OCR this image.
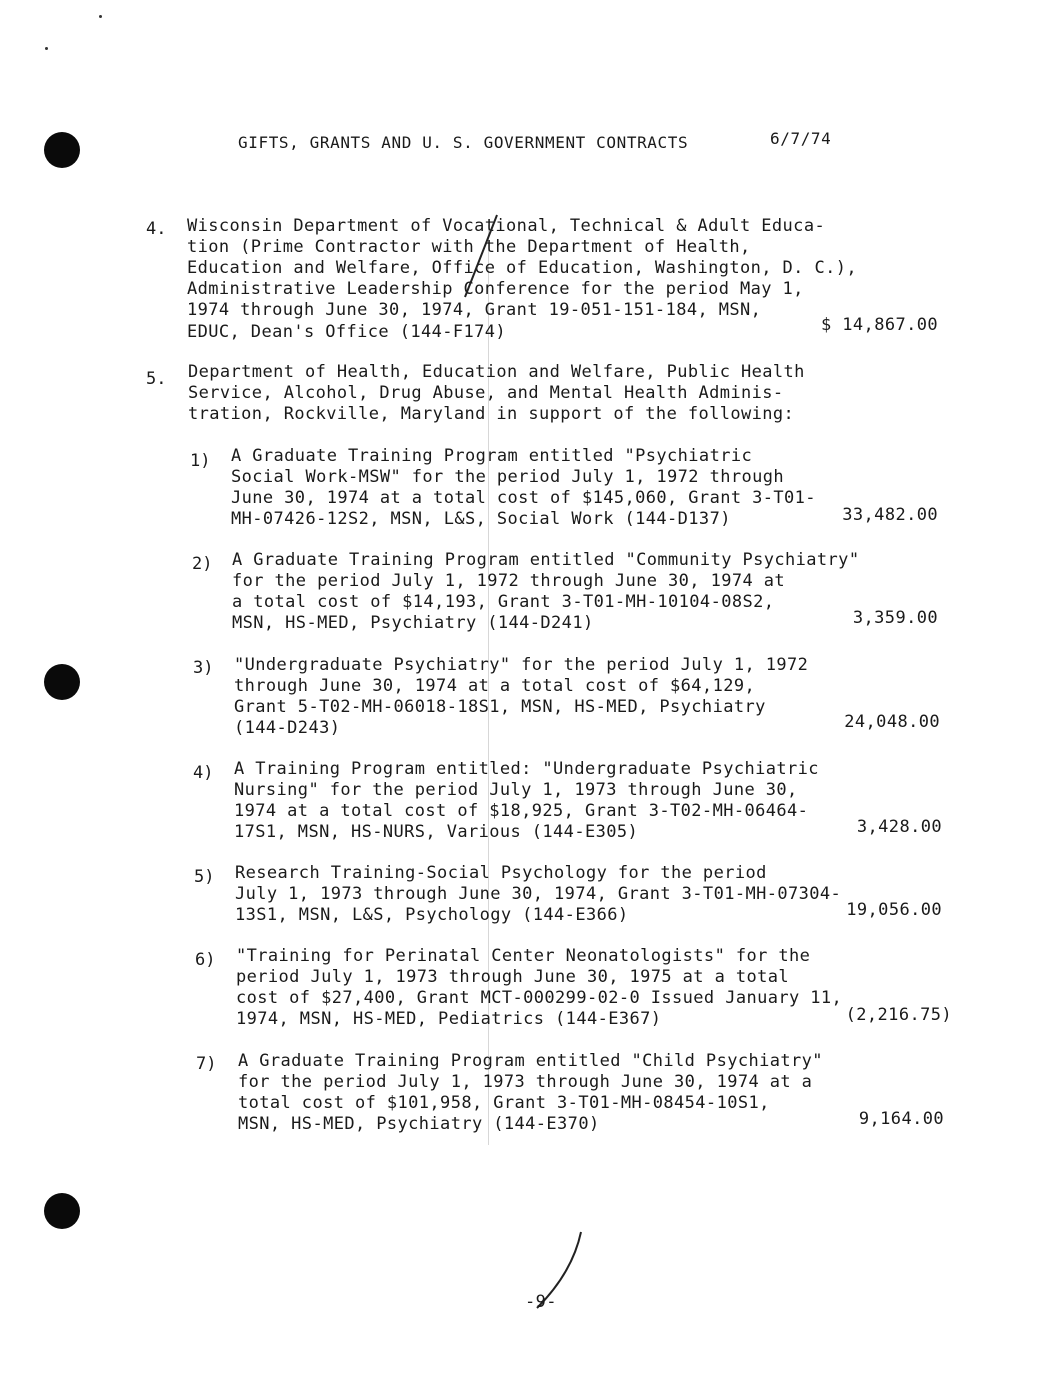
GIFTS, GRANTS AND U. S. GOVERNMENT CONTRACTS	6/7/74
4. Wisconsin Department of Vocational, Technical & Adult Educa-
tion (Prime Contractor with the Department of Health,
Education and Welfare, Office of Education, Washington, D. C.),
Administrative Leadership Conference for the period May 1,
1974 through June 30, 1974, Grant 19-051-151-184, MSN,
EDUC, Dean's Office (144-F174)	$ 14,867.00
5. Department of Health, Education and Welfare, Public Health
Service, Alcohol, Drug Abuse, and Mental Health Adminis-
tration, Rockville, Maryland in support of the following:
1) A Graduate Training Program entitled "Psychiatric
Social Work-MSW" for the period July 1, 1972 through
June 30, 1974 at a total cost of $145,060, Grant 3-T01-
MH-07426-12S2, MSN, L&S, Social Work (144-D137)	33,482.00
2) A Graduate Training Program entitled "Community Psychiatry"
for the period July 1, 1972 through June 30, 1974 at
a total cost of $14,193, Grant 3-T01-MH-10104-08S2,
MSN, HS-MED, Psychiatry (144-D241)	3,359.00
3) "Undergraduate Psychiatry" for the period July 1, 1972
through June 30, 1974 at a total cost of $64,129,
Grant 5-T02-MH-06018-18S1, MSN, HS-MED, Psychiatry
(144-D243)	24,048.00
4) A Training Program entitled: "Undergraduate Psychiatric
Nursing" for the period July 1, 1973 through June 30,
1974 at a total cost of $18,925, Grant 3-T02-MH-06464-
17S1, MSN, HS-NURS, Various (144-E305)	3,428.00
5) Research Training-Social Psychology for the period
July 1, 1973 through June 30, 1974, Grant 3-T01-MH-07304-
13S1, MSN, L&S, Psychology (144-E366)	19,056.00
6) "Training for Perinatal Center Neonatologists" for the
period July 1, 1973 through June 30, 1975 at a total
cost of $27,400, Grant MCT-000299-02-0 Issued January 11,
1974, MSN, HS-MED, Pediatrics (144-E367)	(2,216.75)
7) A Graduate Training Program entitled "Child Psychiatry"
for the period July 1, 1973 through June 30, 1974 at a
total cost of $101,958, Grant 3-T01-MH-08454-10S1,
MSN, HS-MED, Psychiatry (144-E370)	9,164.00
-9-
